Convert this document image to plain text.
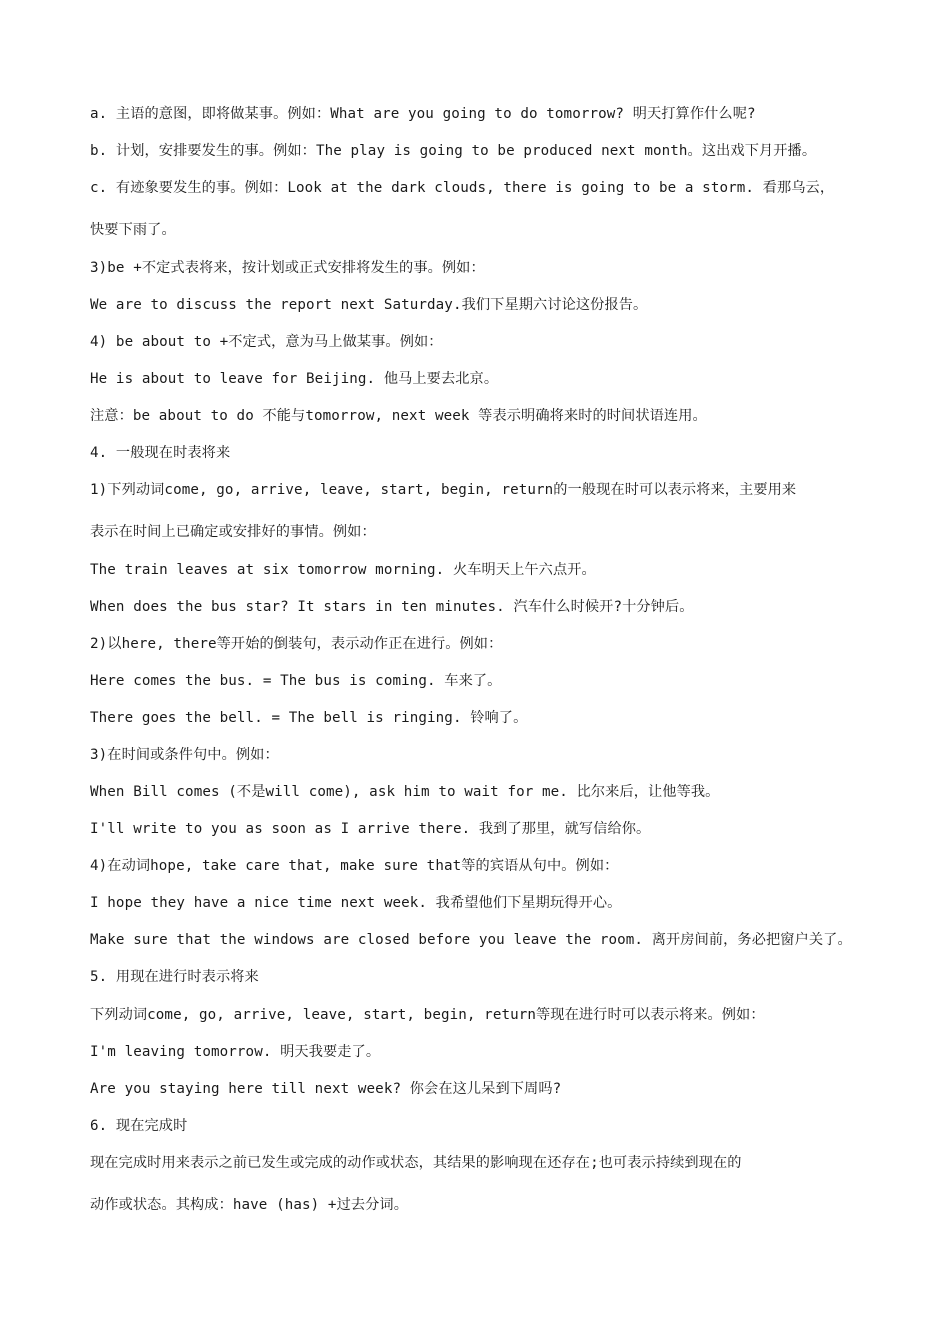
a. 主语的意图，即将做某事。例如：What are you going to do tomorrow? 明天打算作什么呢?
b. 计划，安排要发生的事。例如：The play is going to be produced next month。这出戏下月开播。
c. 有迹象要发生的事。例如：Look at the dark clouds, there is going to be a storm. 看那乌云，
快要下雨了。
3)be +不定式表将来，按计划或正式安排将发生的事。例如：
We are to discuss the report next Saturday.我们下星期六讨论这份报告。
4) be about to +不定式，意为马上做某事。例如：
He is about to leave for Beijing. 他马上要去北京。
注意：be about to do 不能与tomorrow, next week 等表示明确将来时的时间状语连用。
4. 一般现在时表将来
1)下列动词come, go, arrive, leave, start, begin, return的一般现在时可以表示将来，主要用来
表示在时间上已确定或安排好的事情。例如：
The train leaves at six tomorrow morning. 火车明天上午六点开。
When does the bus star? It stars in ten minutes. 汽车什么时候开?十分钟后。
2)以here, there等开始的倒装句，表示动作正在进行。例如：
Here comes the bus. = The bus is coming. 车来了。
There goes the bell. = The bell is ringing. 铃响了。
3)在时间或条件句中。例如：
When Bill comes (不是will come), ask him to wait for me. 比尔来后，让他等我。
I'll write to you as soon as I arrive there. 我到了那里，就写信给你。
4)在动词hope, take care that, make sure that等的宾语从句中。例如：
I hope they have a nice time next week. 我希望他们下星期玩得开心。
Make sure that the windows are closed before you leave the room. 离开房间前，务必把窗户关了。
5. 用现在进行时表示将来
下列动词come, go, arrive, leave, start, begin, return等现在进行时可以表示将来。例如：
I'm leaving tomorrow. 明天我要走了。
Are you staying here till next week? 你会在这儿呆到下周吗?
6. 现在完成时
现在完成时用来表示之前已发生或完成的动作或状态，其结果的影响现在还存在;也可表示持续到现在的
动作或状态。其构成：have (has) +过去分词。
